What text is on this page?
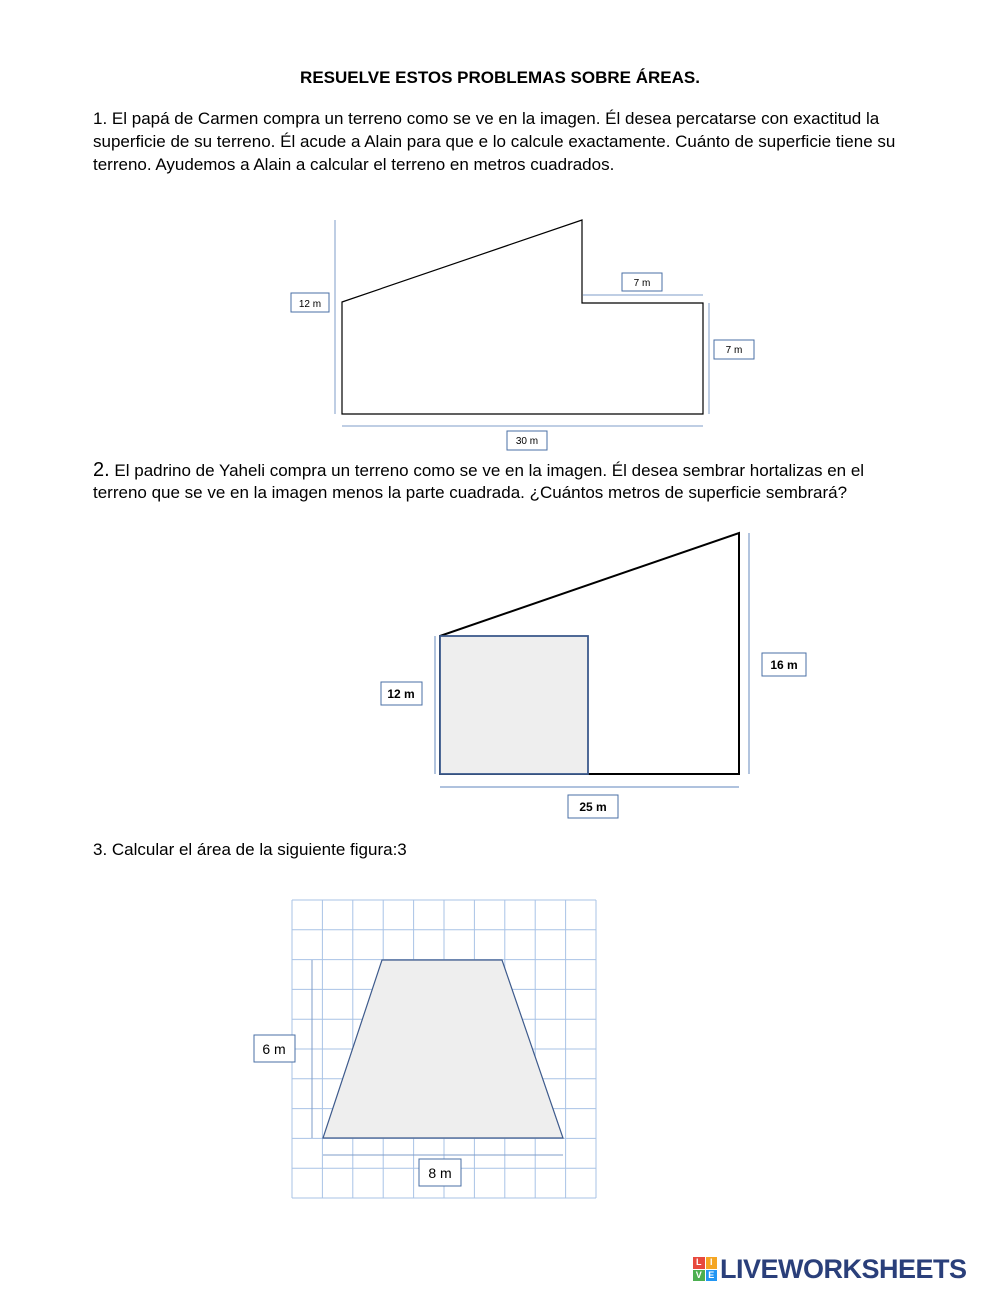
RESUELVE ESTOS PROBLEMAS SOBRE ÁREAS.
1. El papá de Carmen compra un terreno como se ve en la imagen. Él desea percatarse con exactitud la superficie de su terreno. Él acude a Alain para que e lo calcule exactamente. Cuánto de superficie tiene su terreno. Ayudemos a Alain a calcular el terreno en metros cuadrados.
2. El padrino de Yaheli compra un terreno como se ve en la imagen. Él desea sembrar hortalizas en el terreno que se ve en la imagen menos la parte cuadrada. ¿Cuántos metros de superficie sembrará?
3. Calcular el área de la siguiente figura:3
12 m
7 m
7 m
30 m
12 m
16 m
25 m
6 m
8 m
L I
V E LIVEWORKSHEETS
